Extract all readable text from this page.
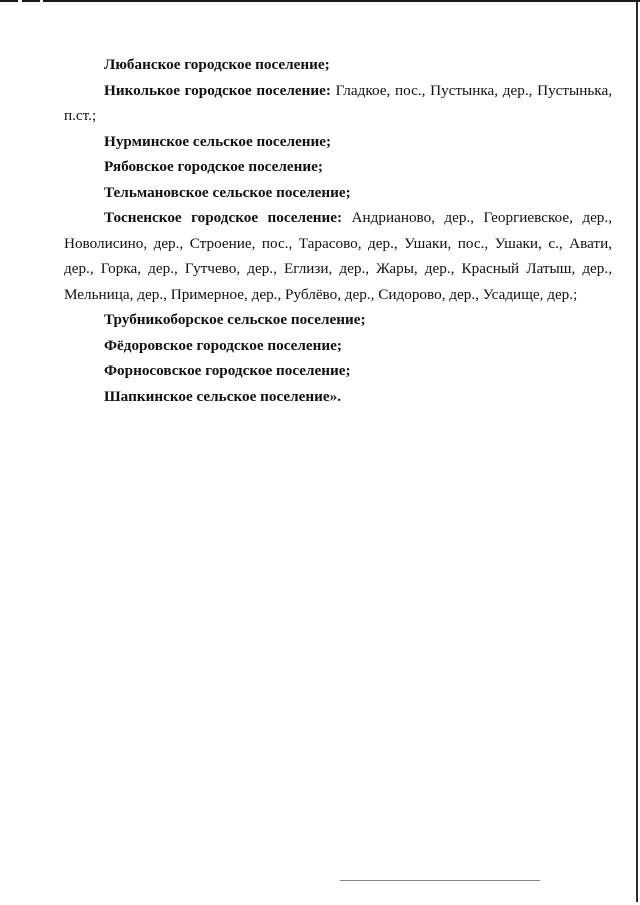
Любанское городское поселение;

Николькое городское поселение: Гладкое, пос., Пустынка, дер., Пустынька, п.ст.;

Нурминское сельское поселение;

Рябовское городское поселение;

Тельмановское сельское поселение;

Тосненское городское поселение: Андрианово, дер., Георгиевское, дер., Новолисино, дер., Строение, пос., Тарасово, дер., Ушаки, пос., Ушаки, с., Авати, дер., Горка, дер., Гутчево, дер., Еглизи, дер., Жары, дер., Красный Латыш, дер., Мельница, дер., Примерное, дер., Рублёво, дер., Сидорово, дер., Усадище, дер.;

Трубникоборское сельское поселение;

Фёдоровское городское поселение;

Форносовское городское поселение;

Шапкинское сельское поселение».
